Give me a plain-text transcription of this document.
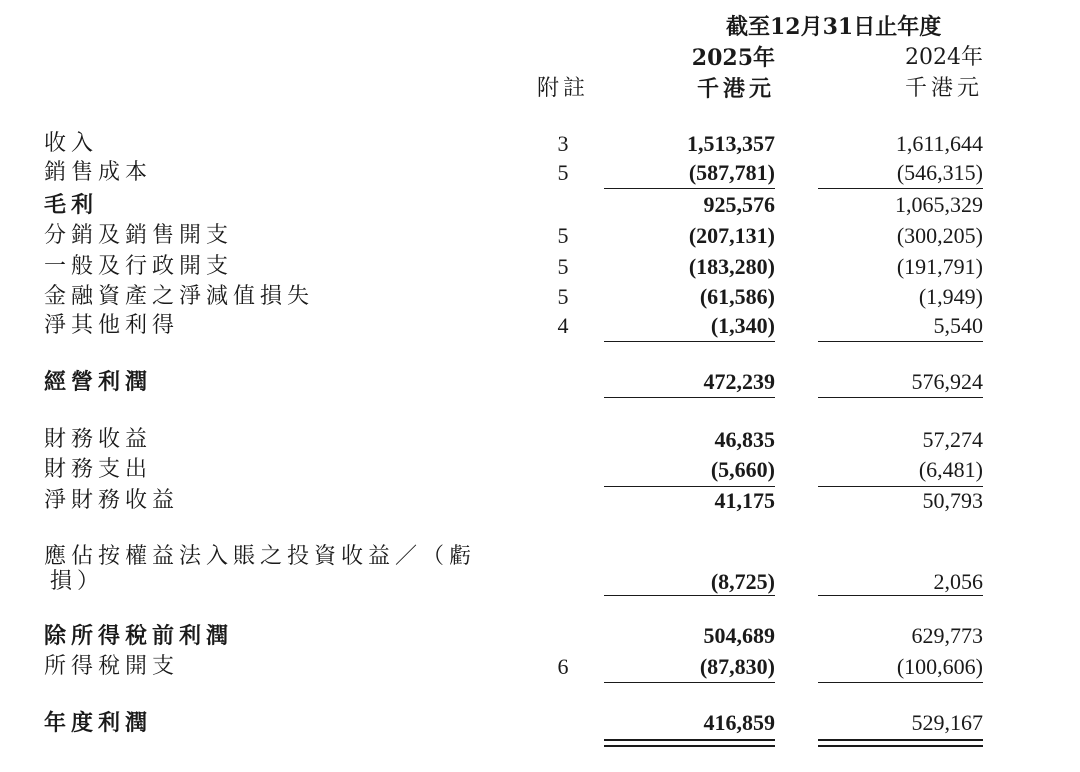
截至12月31日止年度
2025年	2024年
附註	千港元	千港元
收入	3	1,513,357	1,611,644
銷售成本	5	(587,781)	(546,315)
毛利	925,576	1,065,329
分銷及銷售開支	5	(207,131)	(300,205)
一般及行政開支	5	(183,280)	(191,791)
金融資產之淨減值損失	5	(61,586)	(1,949)
淨其他利得	4	(1,340)	5,540
經營利潤	472,239	576,924
財務收益	46,835	57,274
財務支出	(5,660)	(6,481)
淨財務收益	41,175	50,793
應佔按權益法入賬之投資收益／（虧
損）	(8,725)	2,056
除所得稅前利潤	504,689	629,773
所得稅開支	6	(87,830)	(100,606)
年度利潤	416,859	529,167
